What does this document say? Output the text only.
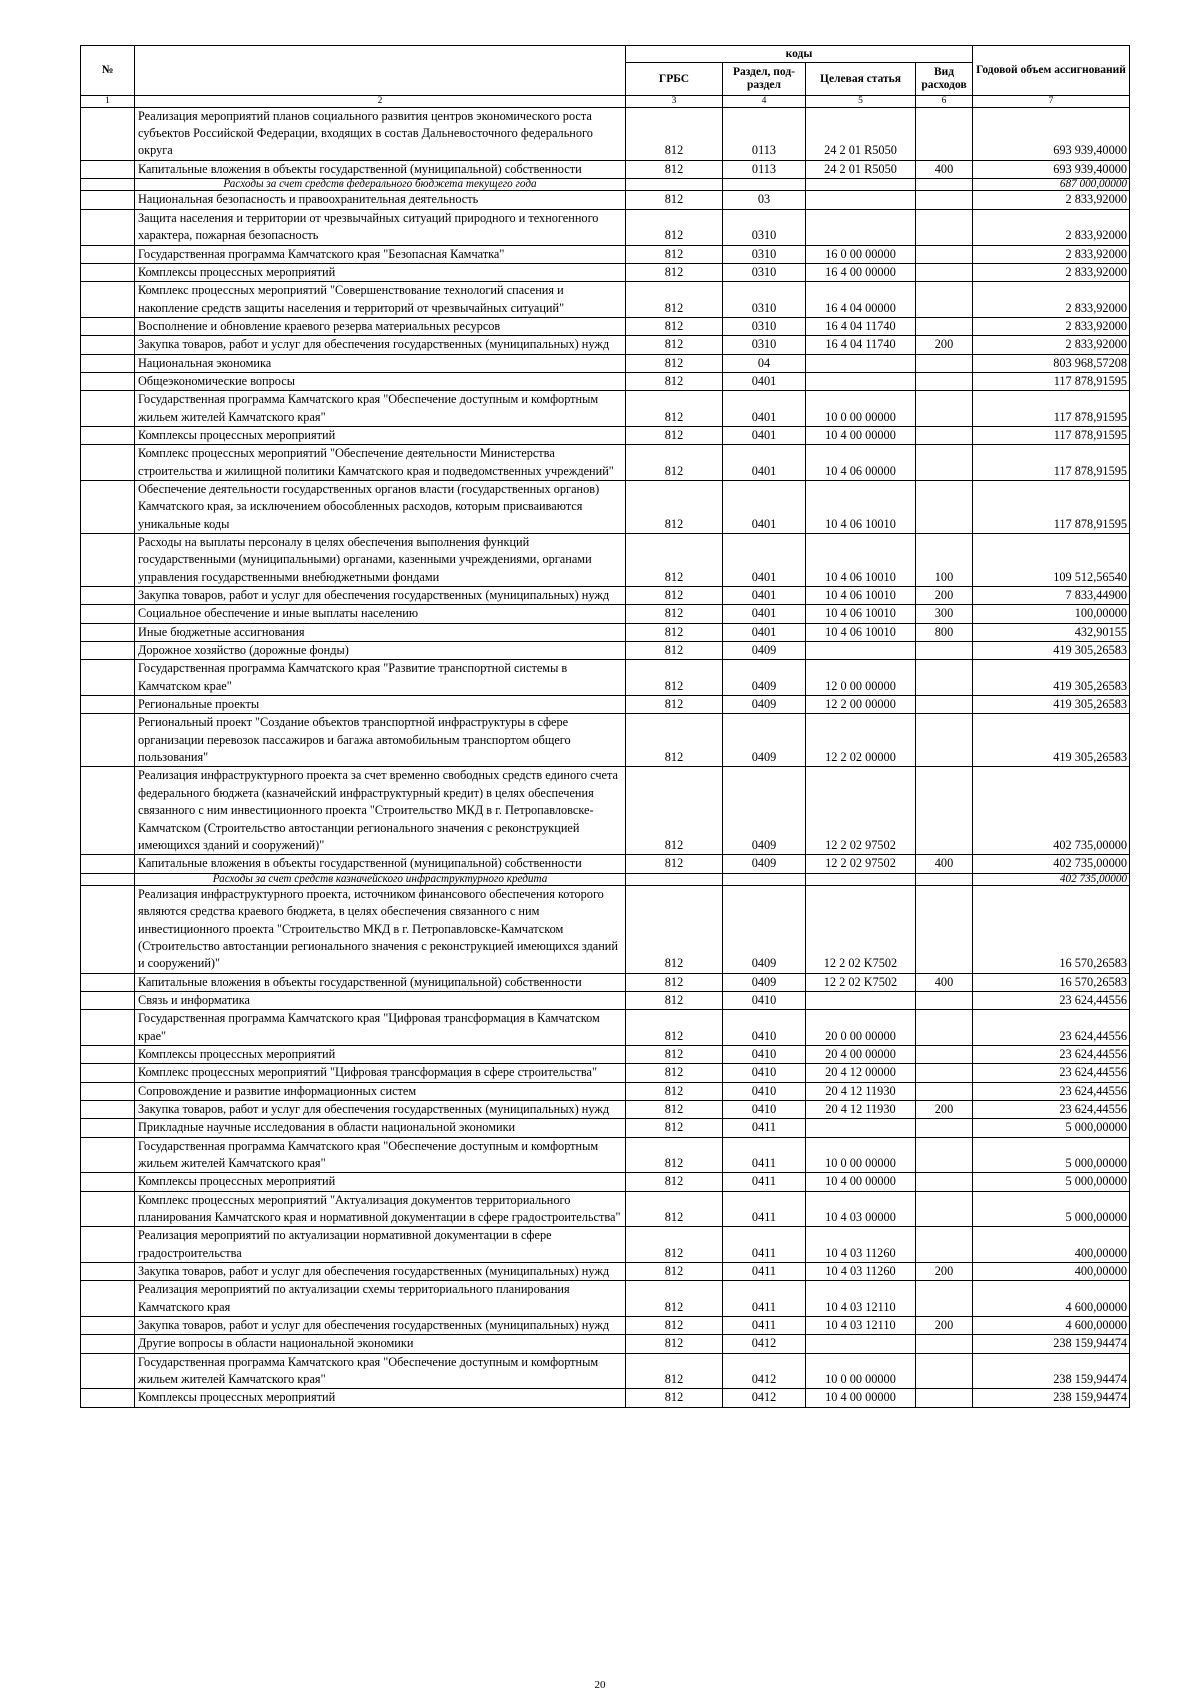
№		коды				Годовой объем ассигнований
		ГРБС	Раздел, под-раздел	Целевая статья	Вид расходов	
1	2	3	4	5	6	7
	Реализация мероприятий планов социального развития центров экономического роста субъектов Российской Федерации, входящих в состав Дальневосточного федерального округа	812	0113	24 2 01 R5050		693 939,40000
	Капитальные вложения в объекты государственной (муниципальной) собственности	812	0113	24 2 01 R5050	400	693 939,40000
	Расходы за счет средств федерального бюджета текущего года					687 000,00000
	Национальная безопасность и правоохранительная деятельность	812	03			2 833,92000
	Защита населения и территории от чрезвычайных ситуаций природного и техногенного характера, пожарная безопасность	812	0310			2 833,92000
	Государственная программа Камчатского края "Безопасная Камчатка"	812	0310	16 0 00 00000		2 833,92000
	Комплексы процессных мероприятий	812	0310	16 4 00 00000		2 833,92000
	Комплекс процессных мероприятий "Совершенствование технологий спасения и накопление средств защиты населения и территорий от чрезвычайных ситуаций"	812	0310	16 4 04 00000		2 833,92000
	Восполнение и обновление краевого резерва материальных ресурсов	812	0310	16 4 04 11740		2 833,92000
	Закупка товаров, работ и услуг для обеспечения государственных (муниципальных) нужд	812	0310	16 4 04 11740	200	2 833,92000
	Национальная экономика	812	04			803 968,57208
	Общеэкономические вопросы	812	0401			117 878,91595
	Государственная программа Камчатского края "Обеспечение доступным и комфортным жильем жителей Камчатского края"	812	0401	10 0 00 00000		117 878,91595
	Комплексы процессных мероприятий	812	0401	10 4 00 00000		117 878,91595
	Комплекс процессных мероприятий "Обеспечение деятельности Министерства строительства и жилищной политики Камчатского края и подведомственных учреждений"	812	0401	10 4 06 00000		117 878,91595
	Обеспечение деятельности государственных органов власти (государственных органов) Камчатского края, за исключением обособленных расходов, которым присваиваются уникальные коды	812	0401	10 4 06 10010		117 878,91595
	Расходы на выплаты персоналу в целях обеспечения выполнения функций государственными (муниципальными) органами, казенными учреждениями, органами управления государственными внебюджетными фондами	812	0401	10 4 06 10010	100	109 512,56540
	Закупка товаров, работ и услуг для обеспечения государственных (муниципальных) нужд	812	0401	10 4 06 10010	200	7 833,44900
	Социальное обеспечение и иные выплаты населению	812	0401	10 4 06 10010	300	100,00000
	Иные бюджетные ассигнования	812	0401	10 4 06 10010	800	432,90155
	Дорожное хозяйство (дорожные фонды)	812	0409			419 305,26583
	Государственная программа Камчатского края "Развитие транспортной системы в Камчатском крае"	812	0409	12 0 00 00000		419 305,26583
	Региональные проекты	812	0409	12 2 00 00000		419 305,26583
	Региональный проект "Создание объектов транспортной инфраструктуры в сфере организации перевозок пассажиров и багажа автомобильным транспортом общего пользования"	812	0409	12 2 02 00000		419 305,26583
	Реализация инфраструктурного проекта за счет временно свободных средств единого счета федерального бюджета (казначейский инфраструктурный кредит) в целях обеспечения связанного с ним инвестиционного проекта "Строительство МКД в г. Петропавловске-Камчатском (Строительство автостанции регионального значения с реконструкцией имеющихся зданий и сооружений)"	812	0409	12 2 02 97502		402 735,00000
	Капитальные вложения в объекты государственной (муниципальной) собственности	812	0409	12 2 02 97502	400	402 735,00000
	Расходы за счет средств казначейского инфраструктурного кредита					402 735,00000
	Реализация инфраструктурного проекта, источником финансового обеспечения которого являются средства краевого бюджета, в целях обеспечения связанного с ним инвестиционного проекта "Строительство МКД в г. Петропавловске-Камчатском (Строительство автостанции регионального значения с реконструкцией имеющихся зданий и сооружений)"	812	0409	12 2 02 K7502		16 570,26583
	Капитальные вложения в объекты государственной (муниципальной) собственности	812	0409	12 2 02 K7502	400	16 570,26583
	Связь и информатика	812	0410			23 624,44556
	Государственная программа Камчатского края "Цифровая трансформация в Камчатском крае"	812	0410	20 0 00 00000		23 624,44556
	Комплексы процессных мероприятий	812	0410	20 4 00 00000		23 624,44556
	Комплекс процессных мероприятий "Цифровая трансформация в сфере строительства"	812	0410	20 4 12 00000		23 624,44556
	Сопровождение и развитие информационных систем	812	0410	20 4 12 11930		23 624,44556
	Закупка товаров, работ и услуг для обеспечения государственных (муниципальных) нужд	812	0410	20 4 12 11930	200	23 624,44556
	Прикладные научные исследования в области национальной экономики	812	0411			5 000,00000
	Государственная программа Камчатского края "Обеспечение доступным и комфортным жильем жителей Камчатского края"	812	0411	10 0 00 00000		5 000,00000
	Комплексы процессных мероприятий	812	0411	10 4 00 00000		5 000,00000
	Комплекс процессных мероприятий "Актуализация документов территориального планирования Камчатского края и нормативной документации в сфере градостроительства"	812	0411	10 4 03 00000		5 000,00000
	Реализация мероприятий по актуализации нормативной документации в сфере градостроительства	812	0411	10 4 03 11260		400,00000
	Закупка товаров, работ и услуг для обеспечения государственных (муниципальных) нужд	812	0411	10 4 03 11260	200	400,00000
	Реализация мероприятий по актуализации схемы территориального планирования Камчатского края	812	0411	10 4 03 12110		4 600,00000
	Закупка товаров, работ и услуг для обеспечения государственных (муниципальных) нужд	812	0411	10 4 03 12110	200	4 600,00000
	Другие вопросы в области национальной экономики	812	0412			238 159,94474
	Государственная программа Камчатского края "Обеспечение доступным и комфортным жильем жителей Камчатского края"	812	0412	10 0 00 00000		238 159,94474
	Комплексы процессных мероприятий	812	0412	10 4 00 00000		238 159,94474
20
